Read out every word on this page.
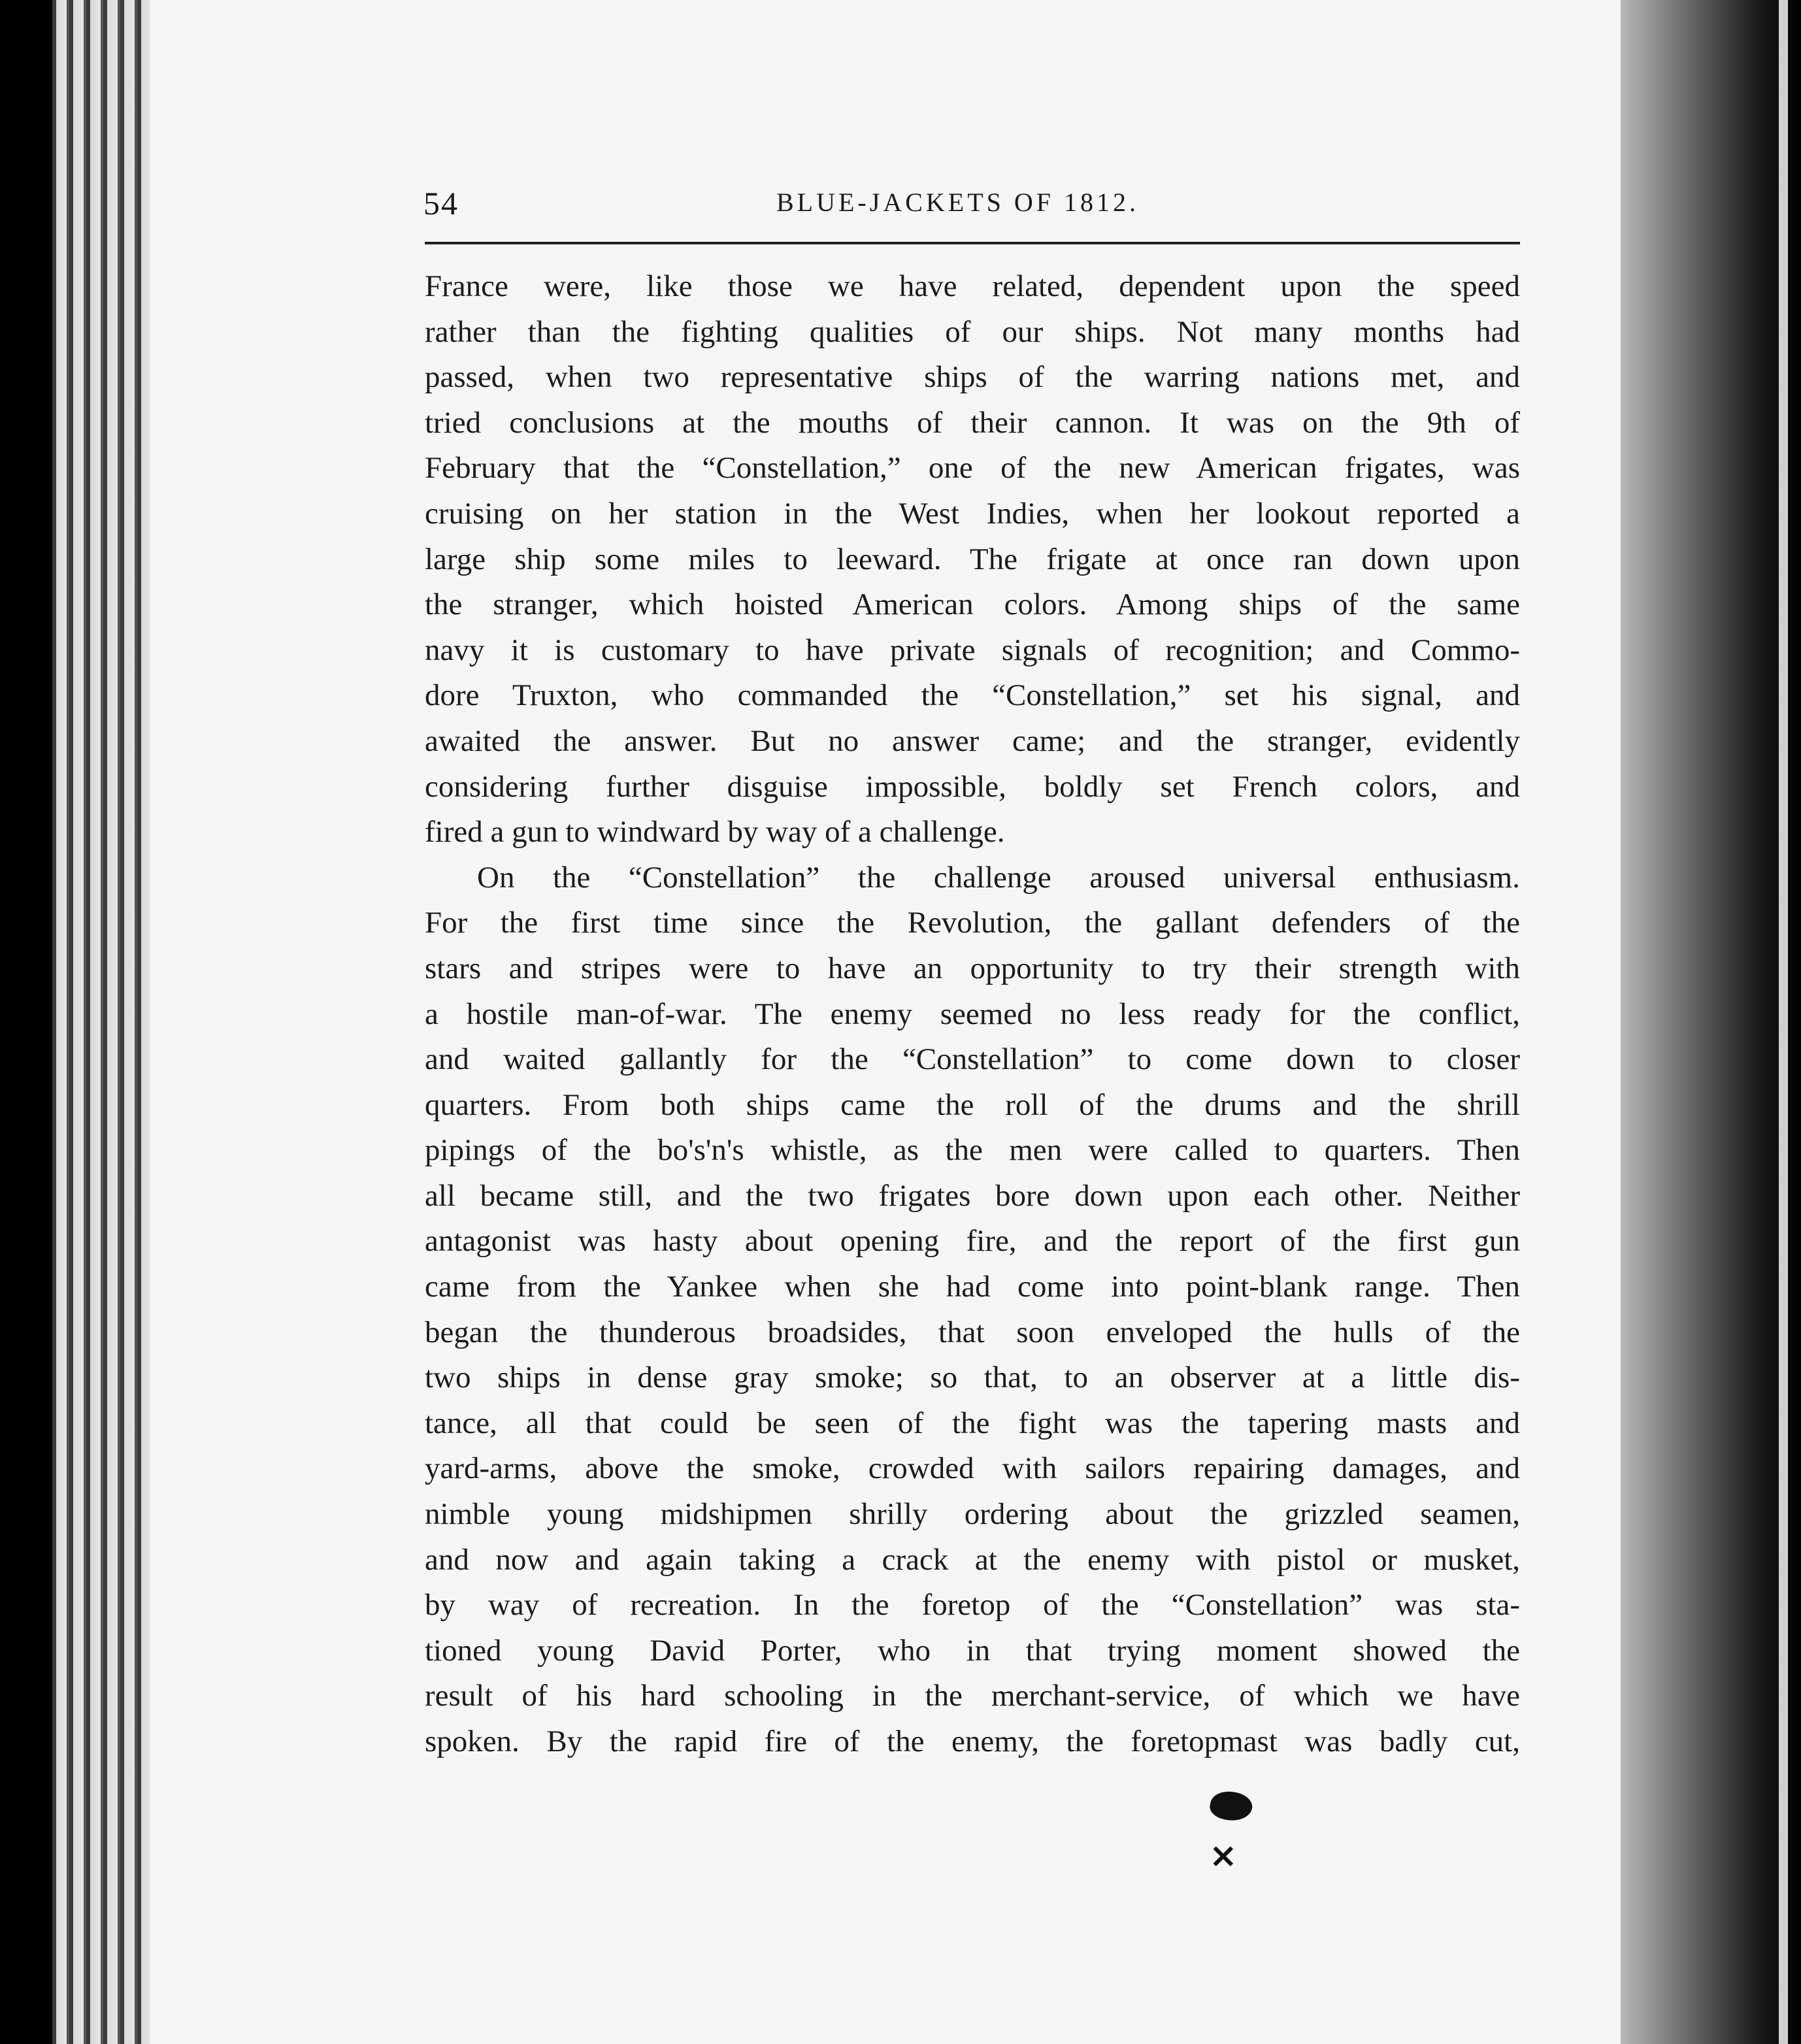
54	BLUE-JACKETS OF 1812.
France were, like those we have related, dependent upon the speed
rather than the fighting qualities of our ships. Not many months had
passed, when two representative ships of the warring nations met, and
tried conclusions at the mouths of their cannon. It was on the 9th of
February that the “Constellation,” one of the new American frigates, was
cruising on her station in the West Indies, when her lookout reported a
large ship some miles to leeward. The frigate at once ran down upon
the stranger, which hoisted American colors. Among ships of the same
navy it is customary to have private signals of recognition; and Commo-
dore Truxton, who commanded the “Constellation,” set his signal, and
awaited the answer. But no answer came; and the stranger, evidently
considering further disguise impossible, boldly set French colors, and
fired a gun to windward by way of a challenge.
On the “Constellation” the challenge aroused universal enthusiasm.
For the first time since the Revolution, the gallant defenders of the
stars and stripes were to have an opportunity to try their strength with
a hostile man-of-war. The enemy seemed no less ready for the conflict,
and waited gallantly for the “Constellation” to come down to closer
quarters. From both ships came the roll of the drums and the shrill
pipings of the bo's'n's whistle, as the men were called to quarters. Then
all became still, and the two frigates bore down upon each other. Neither
antagonist was hasty about opening fire, and the report of the first gun
came from the Yankee when she had come into point-blank range. Then
began the thunderous broadsides, that soon enveloped the hulls of the
two ships in dense gray smoke; so that, to an observer at a little dis-
tance, all that could be seen of the fight was the tapering masts and
yard-arms, above the smoke, crowded with sailors repairing damages, and
nimble young midshipmen shrilly ordering about the grizzled seamen,
and now and again taking a crack at the enemy with pistol or musket,
by way of recreation. In the foretop of the “Constellation” was sta-
tioned young David Porter, who in that trying moment showed the
result of his hard schooling in the merchant-service, of which we have
spoken. By the rapid fire of the enemy, the foretopmast was badly cut,
⨯
